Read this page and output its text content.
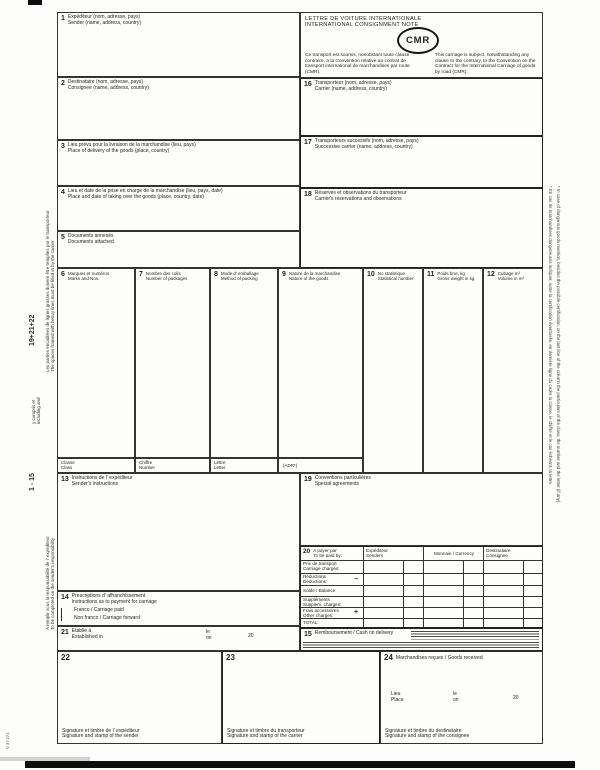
1 Expéditeur (nom, adresse, pays)
Sender (name, address, country)
2 Destinataire (nom, adresse, pays)
Consignee (name, address, country)
3 Lieu prévu pour la livraison de la marchandise (lieu, pays)
Place of delivery of the goods (place, country)
4 Lieu et date de la prise en charge de la marchandise (lieu, pays, date)
Place and date of taking over the goods (place, country, date)
5 Documents annexés
Documents attached
LETTRE DE VOITURE INTERNATIONALE
INTERNATIONAL CONSIGNMENT NOTE
CMR
Ce transport est soumis, nonobstant toute clause contraire, a la Convention relative au contrat de transport international de marchandises par route (CMR).
This carriage is subject, notwithstanding any clause to the contrary, to the Convention on the Contract for the International Carriage of goods by road (CMR).
16 Transporteur (nom, adresse, pays)
Carrier (name, address, country)
17 Transporteurs successifs (nom, adresse, pays)
Successive carrier (name, address, country)
18 Réserves et observations du transporteur
Carrier's reservations and observations
6 Marques et numéros
Marks and Nos.
7 Nombre des colis
Number of packages
8 Mode d' emballage
Method of packing
9 Nature de la marchandise
Nature of the goods
10 No statistique
Statistical number
11 Poids brut, kg
Gross weight in kg
12 Cubage m³
Volume in m³
Classe
Class
Chiffre
Number
Lettre
Letter	(ADR*)
13 Instructions de l' expéditeur
Sender's instructions
19 Conventions particulières
Special agreements
20 A payer par
To be paid by:
Expéditeur
Senders	Monnaie / Currency
Destinataire
Consignee
Prix de transport
Carriage charges:
Réductions
Deductions:	−
Solde / Balance
Suppléments
Supplem. charges:
Frais accessoires
Other charges:	+
TOTAL:
15 Remboursement / Cash on delivery
14 Prescriptions d' affranchissement
Instructions as to payment for carriage
Franco / Carriage paid
Non franco / Carriage forward
21 Etablie à
Established in
le
on	20
22
Signature et timbre de l' expéditeur
Signature and stamp of the sender
23
Signature et timbre du transporteur
Signature and stamp of the carrier
24 Marchandises reçues / Goods received
Lieu
Place
le
on	20
Signature et timbre du destinataire
Signature and stamp of the consignee
Les parties encadrées de lignes grasses doivent être remplies par le transporteur The spaces framed with heavy lines must be filled in by the carrier
19+21+22
y compris et including and
1 - 15
A remplir sous la responsabilité de l' expéditeur To be completed on the sender's responsibility
© 37.271
* En cas de marchandises dangereuses indiquer, outre la certification éventuelle, en dernière ligne du cadre la classe, le chiffre et le cas échéant, la lettre. * In case of dangerous goods mention, besides the possible certification, on the last line of the column the particulars of the class, the number and the letter (if any).
